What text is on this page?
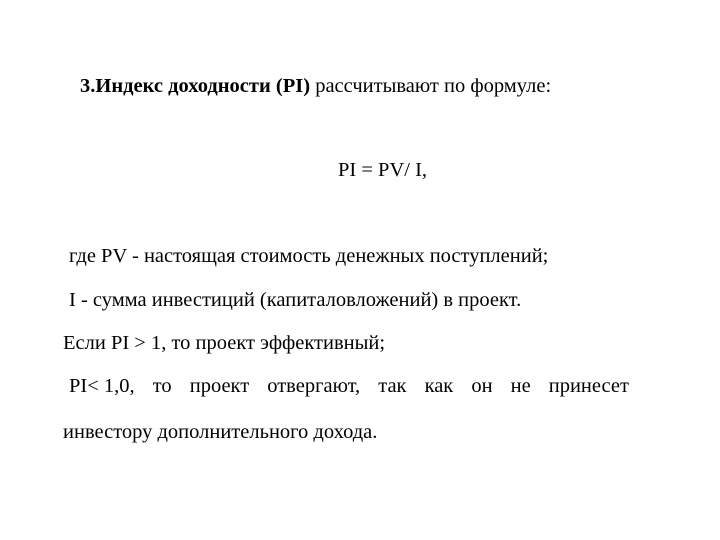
3.Индекс доходности (PI) рассчитывают по формуле:
PI = PV/ I,
где PV - настоящая стоимость денежных поступлений;
I - сумма инвестиций (капиталовложений) в проект.
Если PI > 1, то проект эффективный;
PI< 1,0, то проект отвергают, так как он не принесет
инвестору дополнительного дохода.
